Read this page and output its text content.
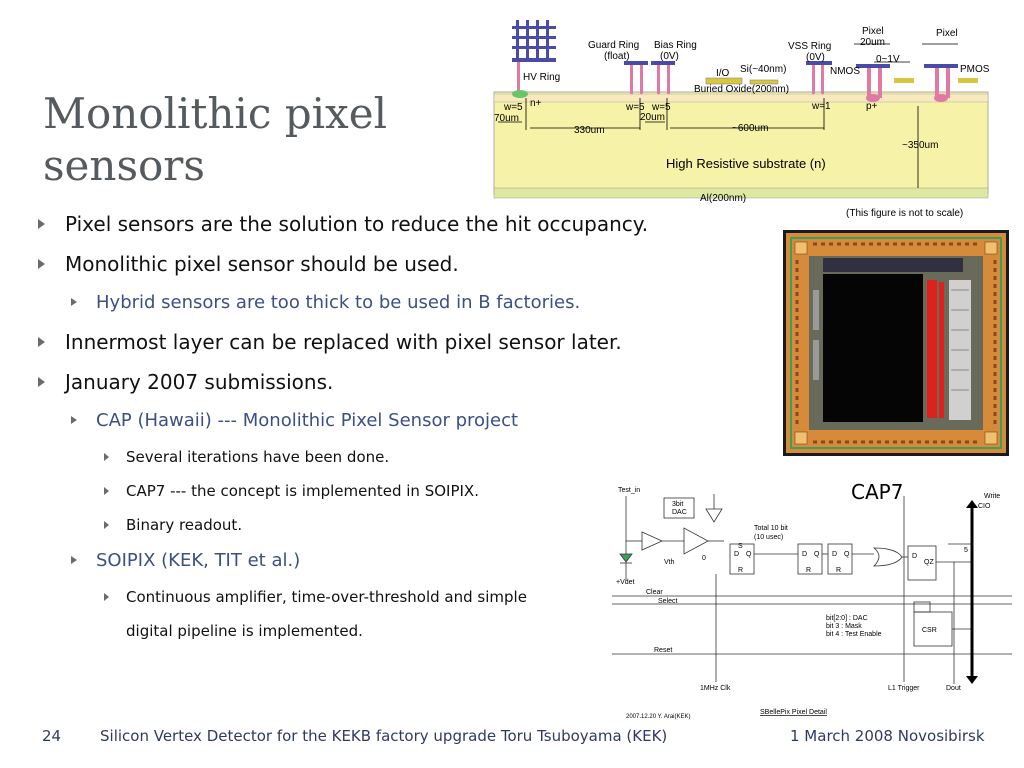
Monolithic pixel sensors
Guard Ring
(float)
Bias Ring
(0V)
HV Ring	I/O Si(~40nm)
VSS Ring
(0V)
NMOS
Pixel
20um
Pixel
0~1V
PMOS
Buried Oxide(200nm)
w=5 n+	w=5 w=5	w=1	p+
70um	20um
330um	~600um
~350um
Al(200nm)
(This figure is not to scale)
High Resistive substrate (n)
CAP7
Test_in
3bit
DAC
Vth
+Vdet
0
Total 10 bit
(10 usec)
D Q
S
R
D Q
R
D Q
R
D
QZ
Clear
Select
Reset
1MHz Clk	L1 Trigger	Dout
Write
CIO
5
bit[2:0] : DAC
bit 3 : Mask
bit 4 : Test Enable
CSR
2007.12.20 Y. Arai(KEK)
SBellePix Pixel Detail
Pixel sensors are the solution to reduce the hit occupancy.
Monolithic pixel sensor should be used.
Hybrid sensors are too thick to be used in B factories.
Innermost layer can be replaced with pixel sensor later.
January 2007 submissions.
CAP (Hawaii) --- Monolithic Pixel Sensor project
Several iterations have been done.
CAP7 --- the concept is implemented in SOIPIX.
Binary readout.
SOIPIX (KEK, TIT et al.)
Continuous amplifier, time-over-threshold and simple
digital pipeline is implemented.
24	Silicon Vertex Detector for the KEKB factory upgrade Toru Tsuboyama (KEK)	1 March 2008 Novosibirsk
